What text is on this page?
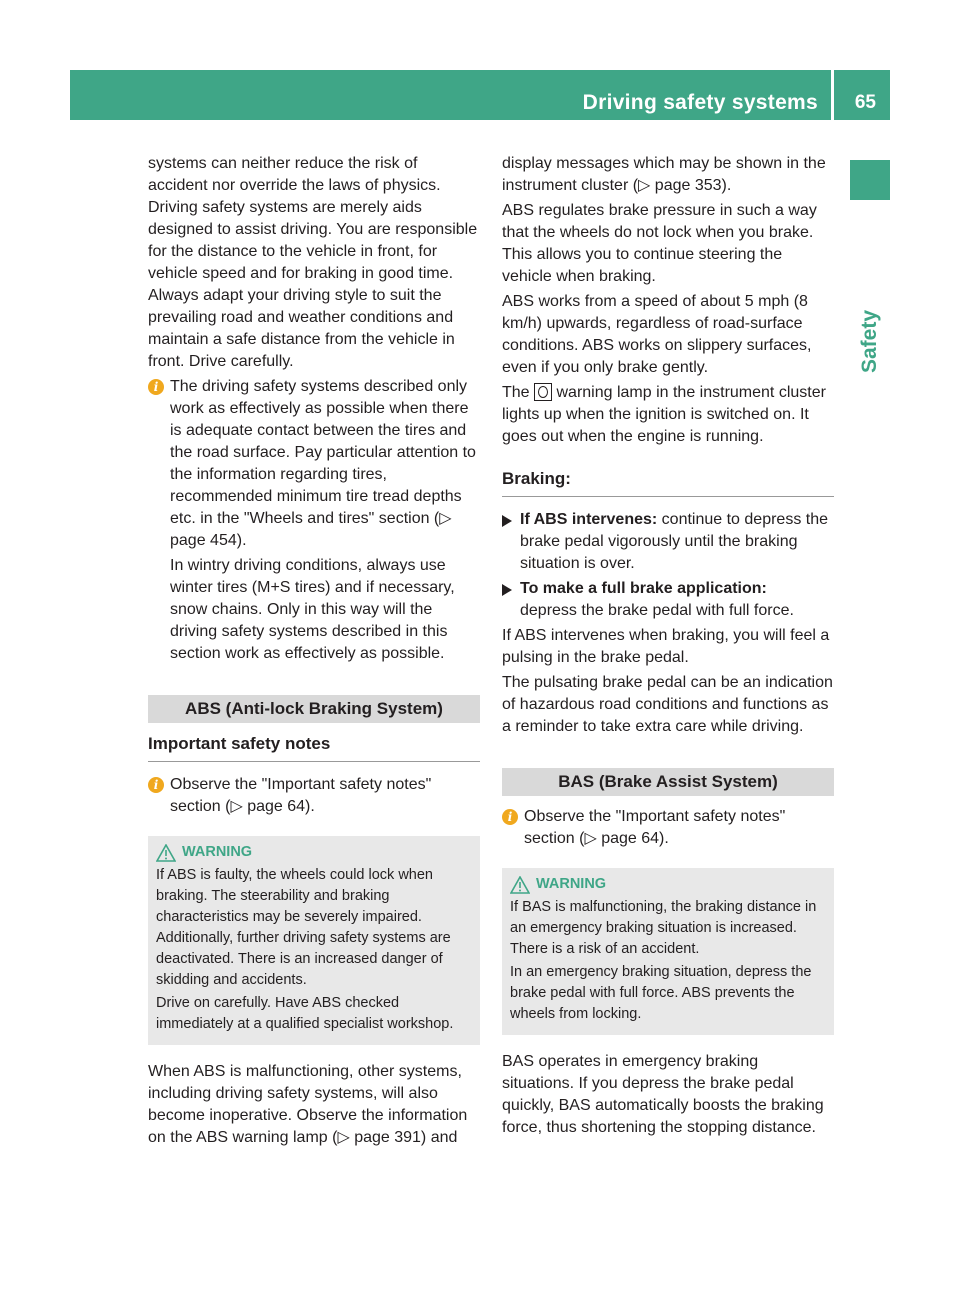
Driving safety systems 65
Safety

systems can neither reduce the risk of accident nor override the laws of physics. Driving safety systems are merely aids designed to assist driving. You are responsible for the distance to the vehicle in front, for vehicle speed and for braking in good time. Always adapt your driving style to suit the prevailing road and weather conditions and maintain a safe distance from the vehicle in front. Drive carefully.

i The driving safety systems described only work as effectively as possible when there is adequate contact between the tires and the road surface. Pay particular attention to the information regarding tires, recommended minimum tire tread depths etc. in the "Wheels and tires" section (▷ page 454).

In wintry driving conditions, always use winter tires (M+S tires) and if necessary, snow chains. Only in this way will the driving safety systems described in this section work as effectively as possible.

ABS (Anti-lock Braking System)
Important safety notes
i Observe the "Important safety notes" section (▷ page 64).

WARNING

If ABS is faulty, the wheels could lock when braking. The steerability and braking characteristics may be severely impaired. Additionally, further driving safety systems are deactivated. There is an increased danger of skidding and accidents.

Drive on carefully. Have ABS checked immediately at a qualified specialist workshop.

When ABS is malfunctioning, other systems, including driving safety systems, will also become inoperative. Observe the information on the ABS warning lamp (▷ page 391) and

display messages which may be shown in the instrument cluster (▷ page 353).

ABS regulates brake pressure in such a way that the wheels do not lock when you brake. This allows you to continue steering the vehicle when braking.

ABS works from a speed of about 5 mph (8 km/h) upwards, regardless of road-surface conditions. ABS works on slippery surfaces, even if you only brake gently.

The warning lamp in the instrument cluster lights up when the ignition is switched on. It goes out when the engine is running.

Braking:
If ABS intervenes: continue to depress the brake pedal vigorously until the braking situation is over.
To make a full brake application:
depress the brake pedal with full force.

If ABS intervenes when braking, you will feel a pulsing in the brake pedal.

The pulsating brake pedal can be an indication of hazardous road conditions and functions as a reminder to take extra care while driving.

BAS (Brake Assist System)
i Observe the "Important safety notes" section (▷ page 64).

WARNING

If BAS is malfunctioning, the braking distance in an emergency braking situation is increased. There is a risk of an accident.

In an emergency braking situation, depress the brake pedal with full force. ABS prevents the wheels from locking.

BAS operates in emergency braking situations. If you depress the brake pedal quickly, BAS automatically boosts the braking force, thus shortening the stopping distance.
